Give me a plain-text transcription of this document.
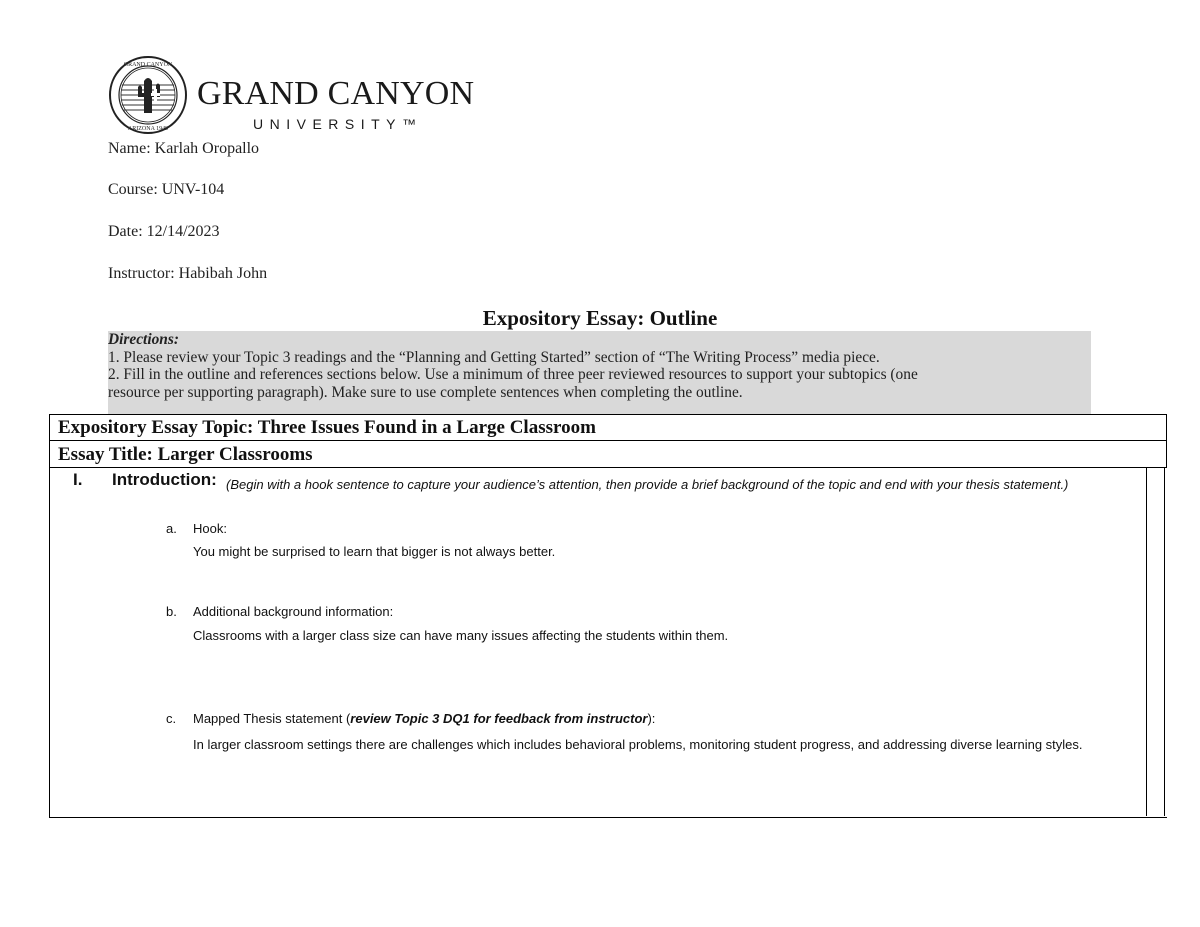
GRAND CANYON
ARIZONA 1949
GRAND CANYON
UNIVERSITY™
Name: Karlah Oropallo
Course: UNV-104
Date: 12/14/2023
Instructor: Habibah John
Expository Essay: Outline
Directions:
1. Please review your Topic 3 readings and the “Planning and Getting Started” section of “The Writing Process” media piece.
2. Fill in the outline and references sections below. Use a minimum of three peer reviewed resources to support your subtopics (one
resource per supporting paragraph). Make sure to use complete sentences when completing the outline.
Expository Essay Topic: Three Issues Found in a Large Classroom
Essay Title: Larger Classrooms
I. Introduction: (Begin with a hook sentence to capture your audience’s attention, then provide a brief background of the topic and end with your thesis statement.)
a. Hook:
You might be surprised to learn that bigger is not always better.
b. Additional background information:
Classrooms with a larger class size can have many issues affecting the students within them.
c. Mapped Thesis statement (review Topic 3 DQ1 for feedback from instructor):
In larger classroom settings there are challenges which includes behavioral problems, monitoring student progress, and addressing diverse learning styles.
